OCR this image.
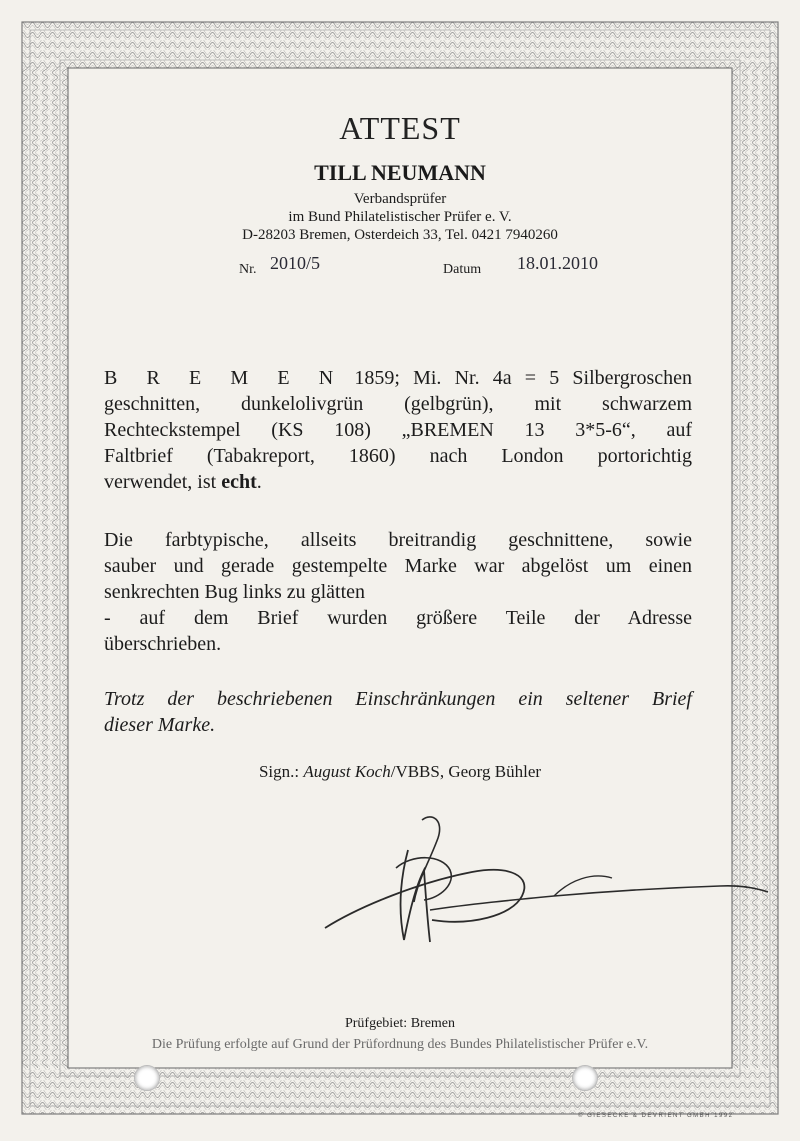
ATTEST
TILL NEUMANN
Verbandsprüfer
im Bund Philatelistischer Prüfer e. V.
D-28203 Bremen, Osterdeich 33, Tel. 0421 7940260
Nr. 2010/5	Datum 18.01.2010
B R E M E N 1859; Mi. Nr. 4a = 5 Silbergroschen
geschnitten, dunkelolivgrün (gelbgrün), mit schwarzem
Rechteckstempel (KS 108) „BREMEN 13 3*5-6“, auf
Faltbrief (Tabakreport, 1860) nach London portorichtig
verwendet, ist echt.
Die farbtypische, allseits breitrandig geschnittene, sowie
sauber und gerade gestempelte Marke war abgelöst um einen
senkrechten Bug links zu glätten
- auf dem Brief wurden größere Teile der Adresse
überschrieben.
Trotz der beschriebenen Einschränkungen ein seltener Brief
dieser Marke.
Sign.: August Koch/VBBS, Georg Bühler
Prüfgebiet: Bremen
Die Prüfung erfolgte auf Grund der Prüfordnung des Bundes Philatelistischer Prüfer e.V.
© GIESECKE & DEVRIENT GMBH 1992
